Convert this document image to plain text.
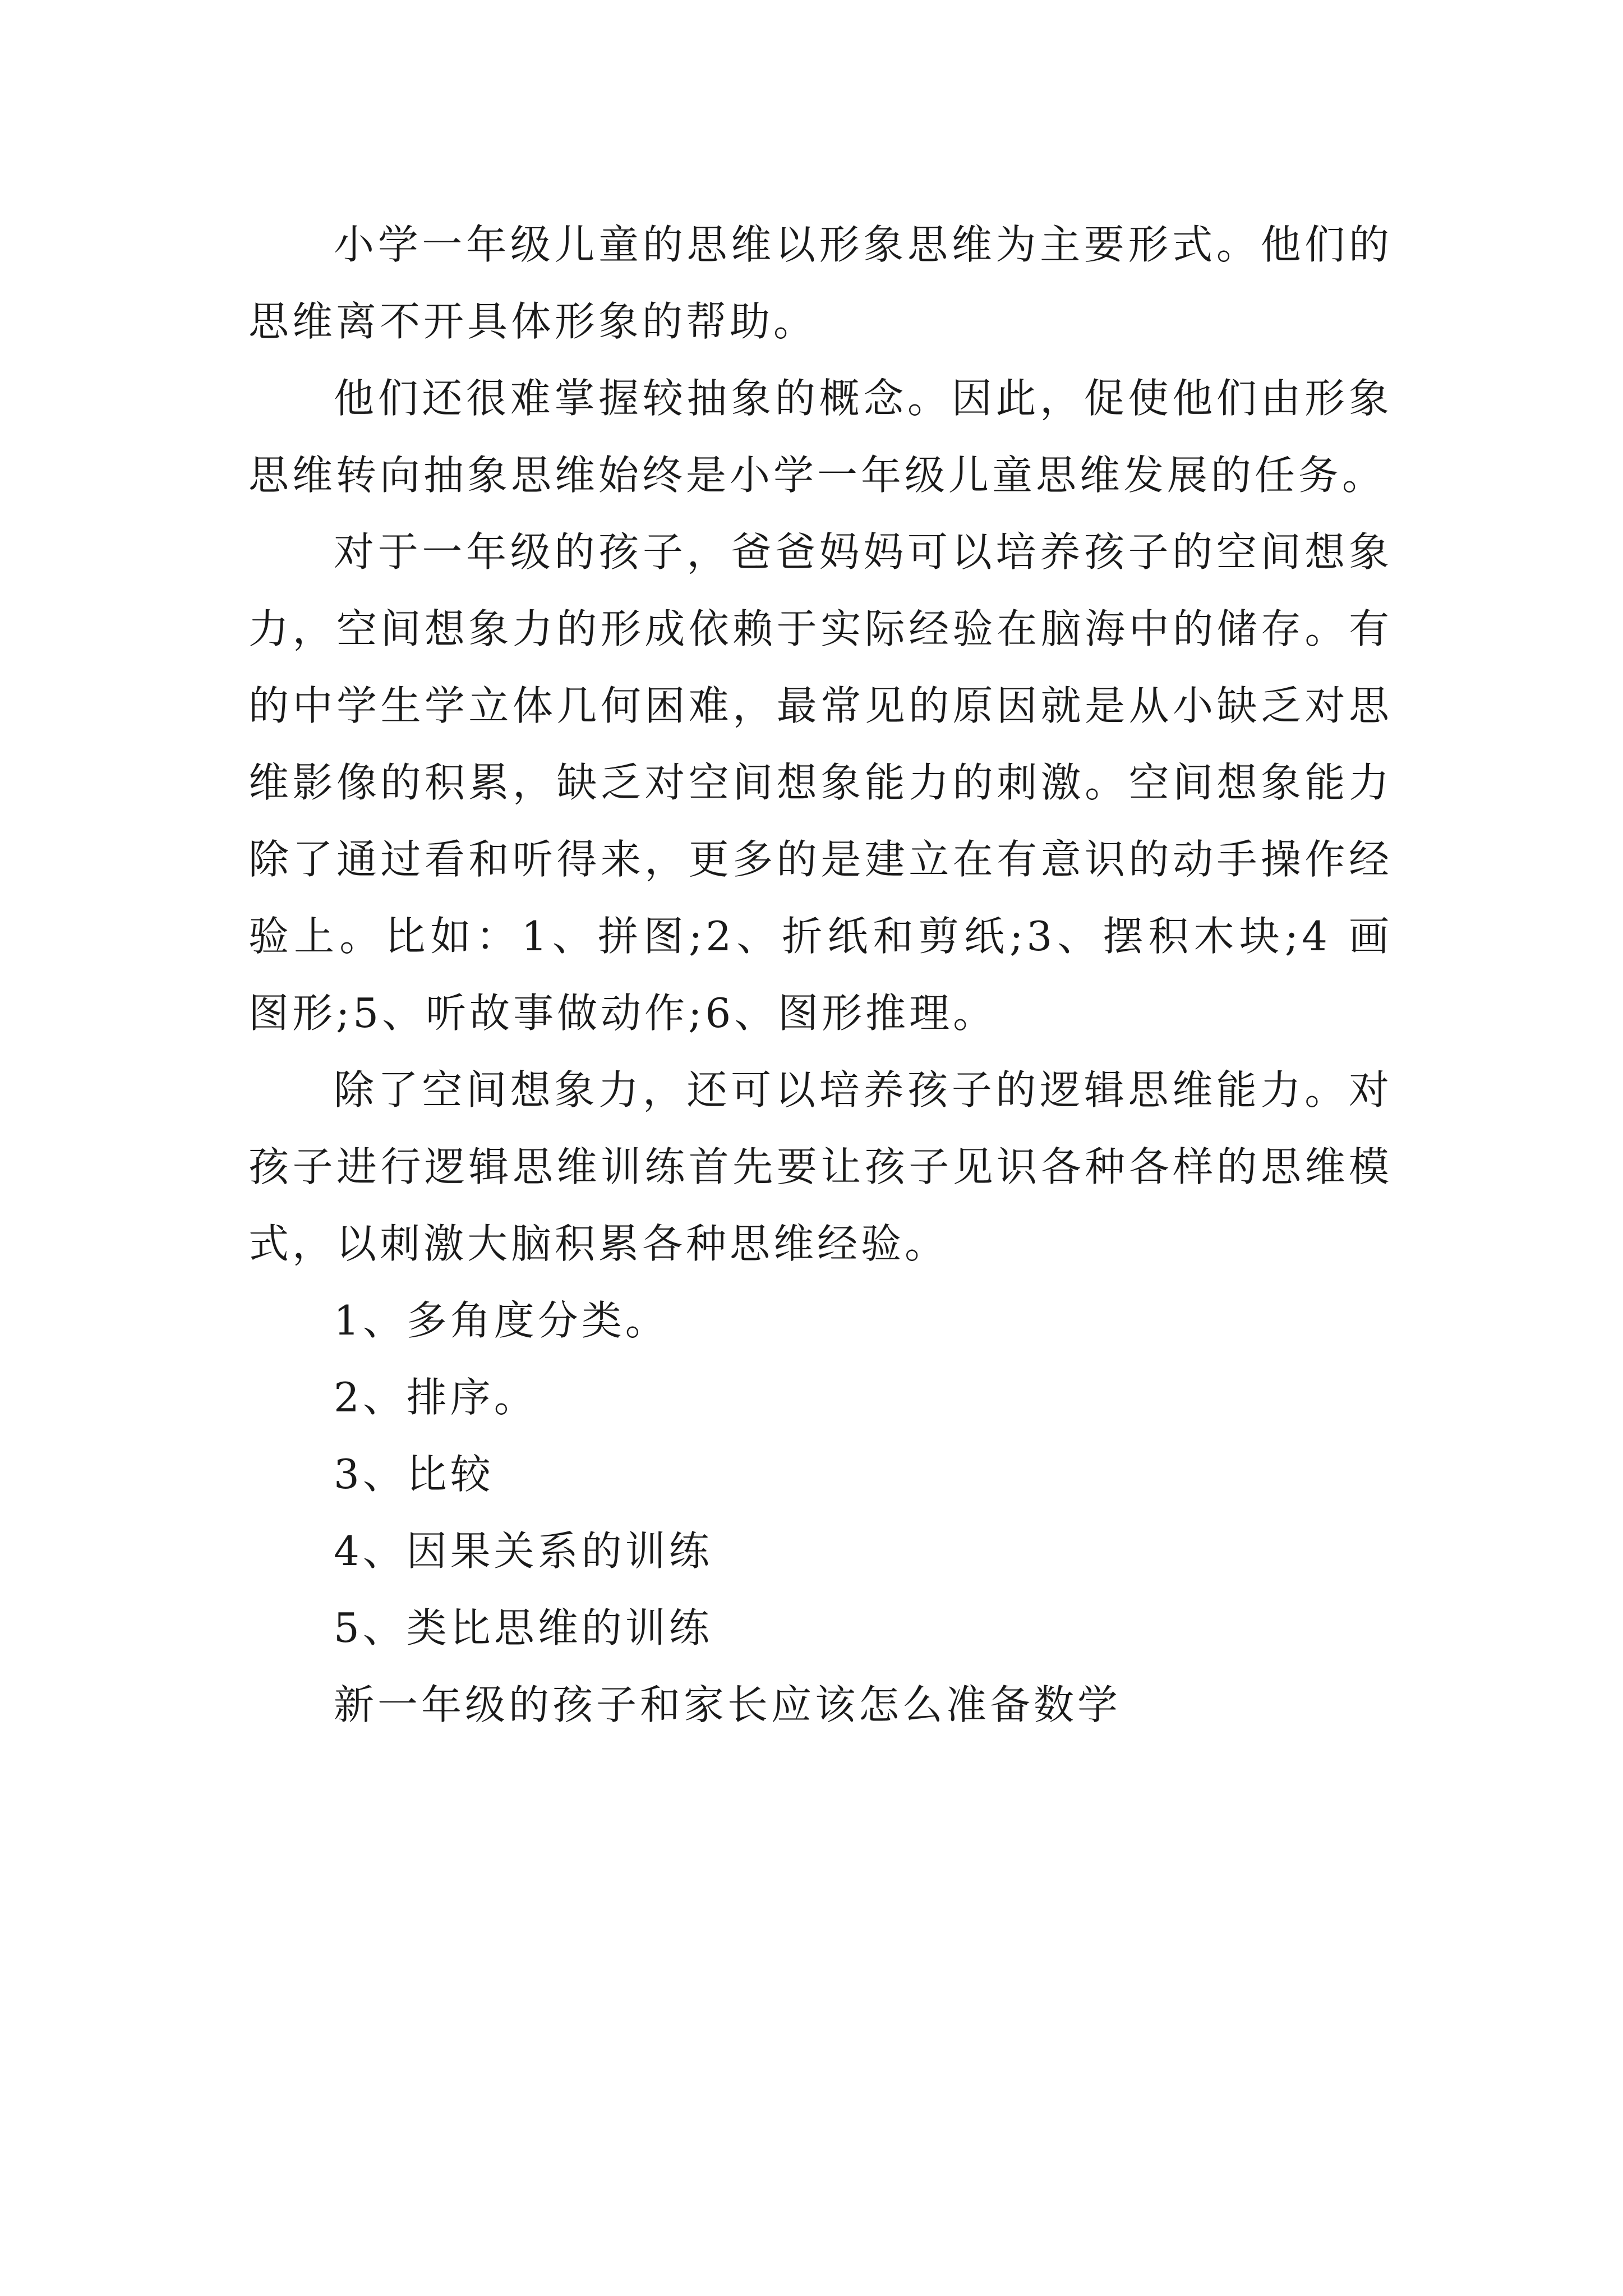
小学一年级儿童的思维以形象思维为主要形式。他们的思维离不开具体形象的帮助。

他们还很难掌握较抽象的概念。因此，促使他们由形象思维转向抽象思维始终是小学一年级儿童思维发展的任务。

对于一年级的孩子，爸爸妈妈可以培养孩子的空间想象力，空间想象力的形成依赖于实际经验在脑海中的储存。有的中学生学立体几何困难，最常见的原因就是从小缺乏对思维影像的积累，缺乏对空间想象能力的刺激。空间想象能力除了通过看和听得来，更多的是建立在有意识的动手操作经验上。比如：1、拼图;2、折纸和剪纸;3、摆积木块;4 画图形;5、听故事做动作;6、图形推理。

除了空间想象力，还可以培养孩子的逻辑思维能力。对孩子进行逻辑思维训练首先要让孩子见识各种各样的思维模式，以刺激大脑积累各种思维经验。

1、多角度分类。

2、排序。

3、比较

4、因果关系的训练

5、类比思维的训练

新一年级的孩子和家长应该怎么准备数学
